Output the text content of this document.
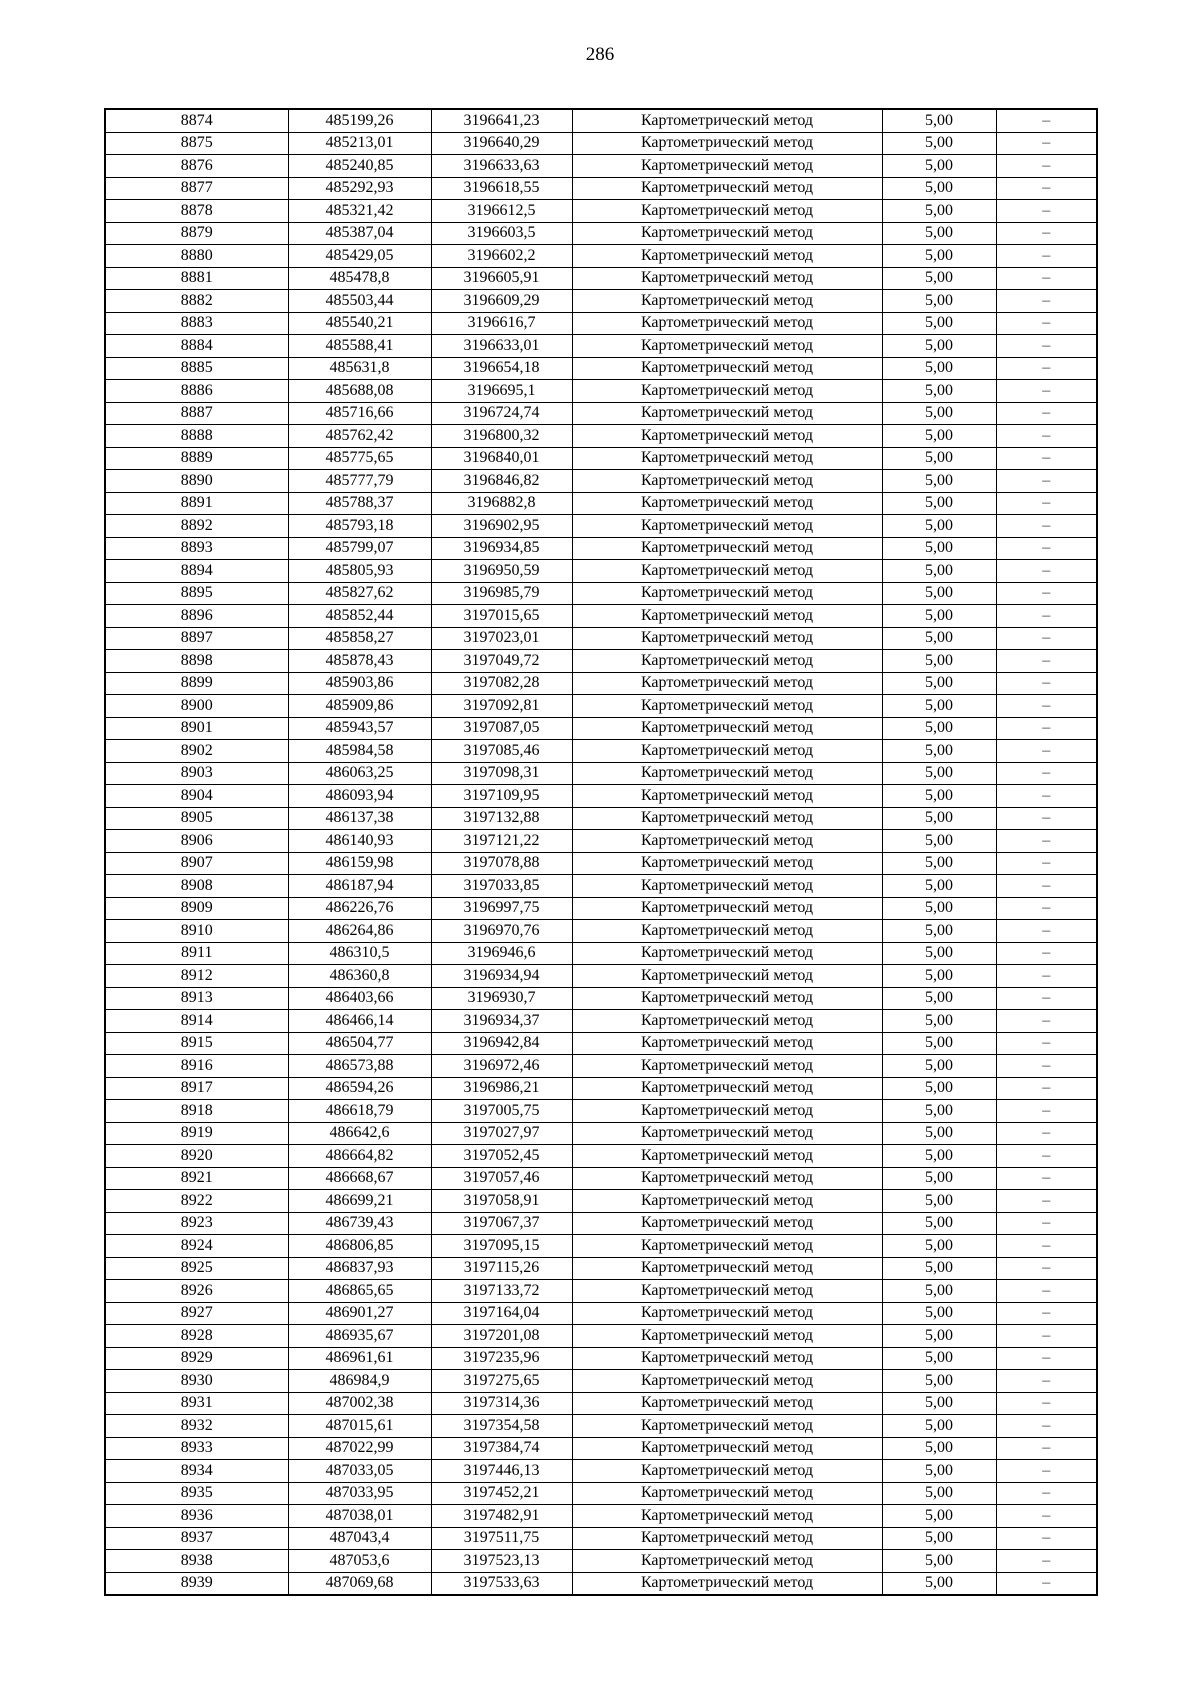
286
8874	485199,26	3196641,23	Картометрический метод	5,00	–
8875	485213,01	3196640,29	Картометрический метод	5,00	–
8876	485240,85	3196633,63	Картометрический метод	5,00	–
8877	485292,93	3196618,55	Картометрический метод	5,00	–
8878	485321,42	3196612,5	Картометрический метод	5,00	–
8879	485387,04	3196603,5	Картометрический метод	5,00	–
8880	485429,05	3196602,2	Картометрический метод	5,00	–
8881	485478,8	3196605,91	Картометрический метод	5,00	–
8882	485503,44	3196609,29	Картометрический метод	5,00	–
8883	485540,21	3196616,7	Картометрический метод	5,00	–
8884	485588,41	3196633,01	Картометрический метод	5,00	–
8885	485631,8	3196654,18	Картометрический метод	5,00	–
8886	485688,08	3196695,1	Картометрический метод	5,00	–
8887	485716,66	3196724,74	Картометрический метод	5,00	–
8888	485762,42	3196800,32	Картометрический метод	5,00	–
8889	485775,65	3196840,01	Картометрический метод	5,00	–
8890	485777,79	3196846,82	Картометрический метод	5,00	–
8891	485788,37	3196882,8	Картометрический метод	5,00	–
8892	485793,18	3196902,95	Картометрический метод	5,00	–
8893	485799,07	3196934,85	Картометрический метод	5,00	–
8894	485805,93	3196950,59	Картометрический метод	5,00	–
8895	485827,62	3196985,79	Картометрический метод	5,00	–
8896	485852,44	3197015,65	Картометрический метод	5,00	–
8897	485858,27	3197023,01	Картометрический метод	5,00	–
8898	485878,43	3197049,72	Картометрический метод	5,00	–
8899	485903,86	3197082,28	Картометрический метод	5,00	–
8900	485909,86	3197092,81	Картометрический метод	5,00	–
8901	485943,57	3197087,05	Картометрический метод	5,00	–
8902	485984,58	3197085,46	Картометрический метод	5,00	–
8903	486063,25	3197098,31	Картометрический метод	5,00	–
8904	486093,94	3197109,95	Картометрический метод	5,00	–
8905	486137,38	3197132,88	Картометрический метод	5,00	–
8906	486140,93	3197121,22	Картометрический метод	5,00	–
8907	486159,98	3197078,88	Картометрический метод	5,00	–
8908	486187,94	3197033,85	Картометрический метод	5,00	–
8909	486226,76	3196997,75	Картометрический метод	5,00	–
8910	486264,86	3196970,76	Картометрический метод	5,00	–
8911	486310,5	3196946,6	Картометрический метод	5,00	–
8912	486360,8	3196934,94	Картометрический метод	5,00	–
8913	486403,66	3196930,7	Картометрический метод	5,00	–
8914	486466,14	3196934,37	Картометрический метод	5,00	–
8915	486504,77	3196942,84	Картометрический метод	5,00	–
8916	486573,88	3196972,46	Картометрический метод	5,00	–
8917	486594,26	3196986,21	Картометрический метод	5,00	–
8918	486618,79	3197005,75	Картометрический метод	5,00	–
8919	486642,6	3197027,97	Картометрический метод	5,00	–
8920	486664,82	3197052,45	Картометрический метод	5,00	–
8921	486668,67	3197057,46	Картометрический метод	5,00	–
8922	486699,21	3197058,91	Картометрический метод	5,00	–
8923	486739,43	3197067,37	Картометрический метод	5,00	–
8924	486806,85	3197095,15	Картометрический метод	5,00	–
8925	486837,93	3197115,26	Картометрический метод	5,00	–
8926	486865,65	3197133,72	Картометрический метод	5,00	–
8927	486901,27	3197164,04	Картометрический метод	5,00	–
8928	486935,67	3197201,08	Картометрический метод	5,00	–
8929	486961,61	3197235,96	Картометрический метод	5,00	–
8930	486984,9	3197275,65	Картометрический метод	5,00	–
8931	487002,38	3197314,36	Картометрический метод	5,00	–
8932	487015,61	3197354,58	Картометрический метод	5,00	–
8933	487022,99	3197384,74	Картометрический метод	5,00	–
8934	487033,05	3197446,13	Картометрический метод	5,00	–
8935	487033,95	3197452,21	Картометрический метод	5,00	–
8936	487038,01	3197482,91	Картометрический метод	5,00	–
8937	487043,4	3197511,75	Картометрический метод	5,00	–
8938	487053,6	3197523,13	Картометрический метод	5,00	–
8939	487069,68	3197533,63	Картометрический метод	5,00	–
